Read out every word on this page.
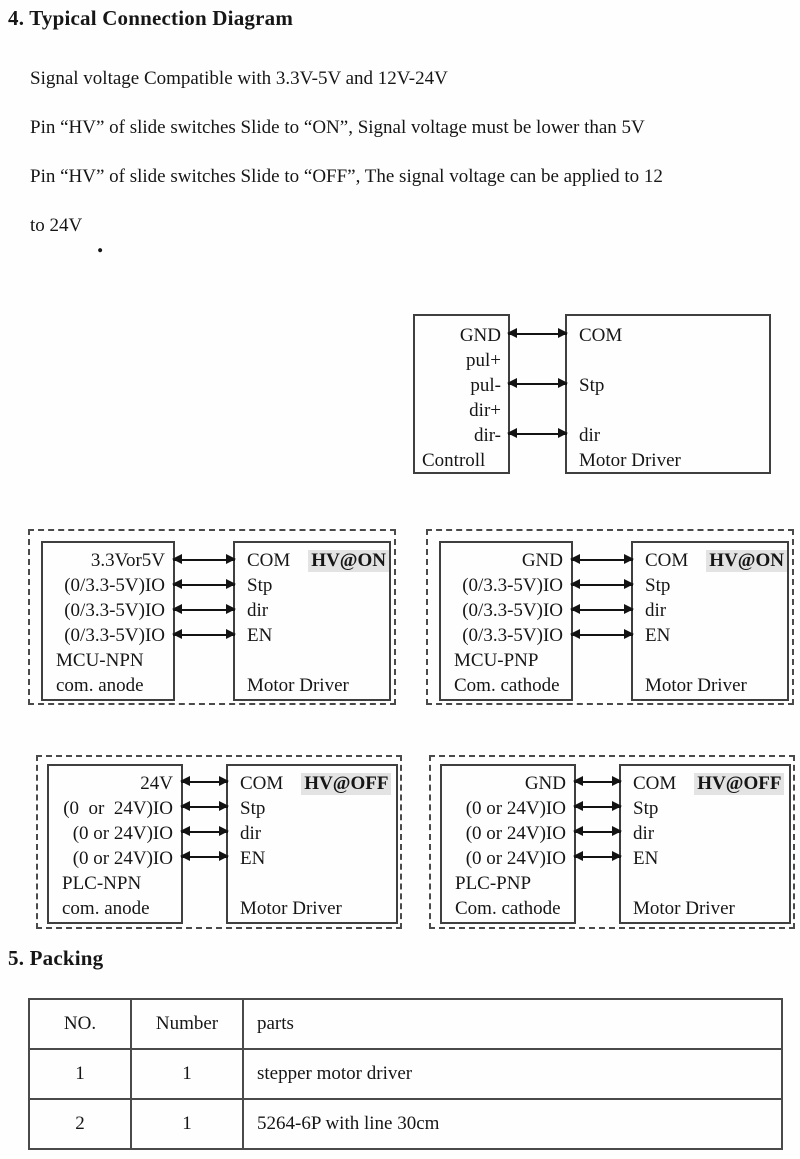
4. Typical Connection Diagram
Signal voltage Compatible with 3.3V-5V and 12V-24V
Pin “HV” of slide switches Slide to “ON”, Signal voltage must be lower than 5V
Pin “HV” of slide switches Slide to “OFF”, The signal voltage can be applied to 12
to 24V
.
GND
pul+
pul-
dir+
dir-
Controll
COM
Stp
dir
Motor Driver
3.3Vor5V
(0/3.3-5V)IO
(0/3.3-5V)IO
(0/3.3-5V)IO
MCU-NPN
com. anode
COM HV@ON
Stp
dir
EN
Motor Driver
GND
(0/3.3-5V)IO
(0/3.3-5V)IO
(0/3.3-5V)IO
MCU-PNP
Com. cathode
COM HV@ON
Stp
dir
EN
Motor Driver
24V
(0  or  24V)IO
(0 or 24V)IO
(0 or 24V)IO
PLC-NPN
com. anode
COM HV@OFF
Stp
dir
EN
Motor Driver
GND
(0 or 24V)IO
(0 or 24V)IO
(0 or 24V)IO
PLC-PNP
Com. cathode
COM HV@OFF
Stp
dir
EN
Motor Driver
5. Packing
NO.	Number	parts
1	1	stepper motor driver
2	1	5264-6P with line 30cm
